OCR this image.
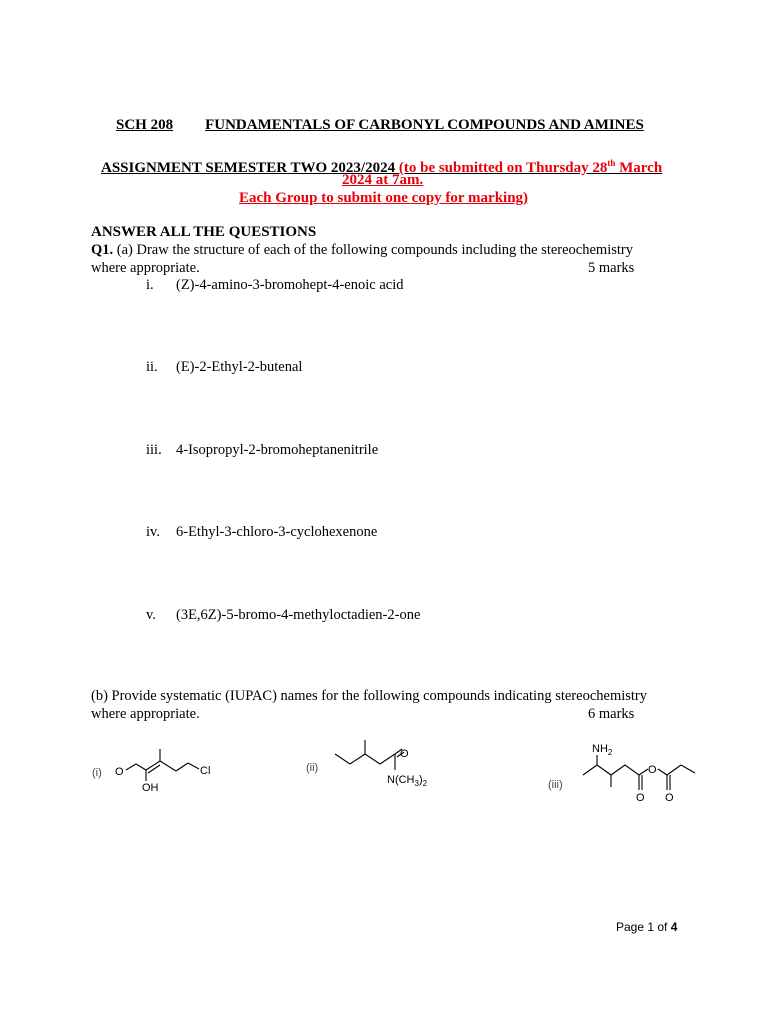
SCH 208 FUNDAMENTALS OF CARBONYL COMPOUNDS AND AMINES
ASSIGNMENT SEMESTER TWO 2023/2024 (to be submitted on Thursday 28th March
2024 at 7am.
Each Group to submit one copy for marking)
ANSWER ALL THE QUESTIONS
Q1. (a) Draw the structure of each of the following compounds including the stereochemistry
where appropriate.	5 marks
i. (Z)-4-amino-3-bromohept-4-enoic acid
ii. (E)-2-Ethyl-2-butenal
iii. 4-Isopropyl-2-bromoheptanenitrile
iv. 6-Ethyl-3-chloro-3-cyclohexenone
v. (3E,6Z)-5-bromo-4-methyloctadien-2-one
(b) Provide systematic (IUPAC) names for the following compounds indicating stereochemistry
where appropriate.	6 marks
(i) O
OH
Cl	(ii)
O
$N(CH_3)_2$	(iii)
$NH_2$
O
O O
Page 1 of 4
